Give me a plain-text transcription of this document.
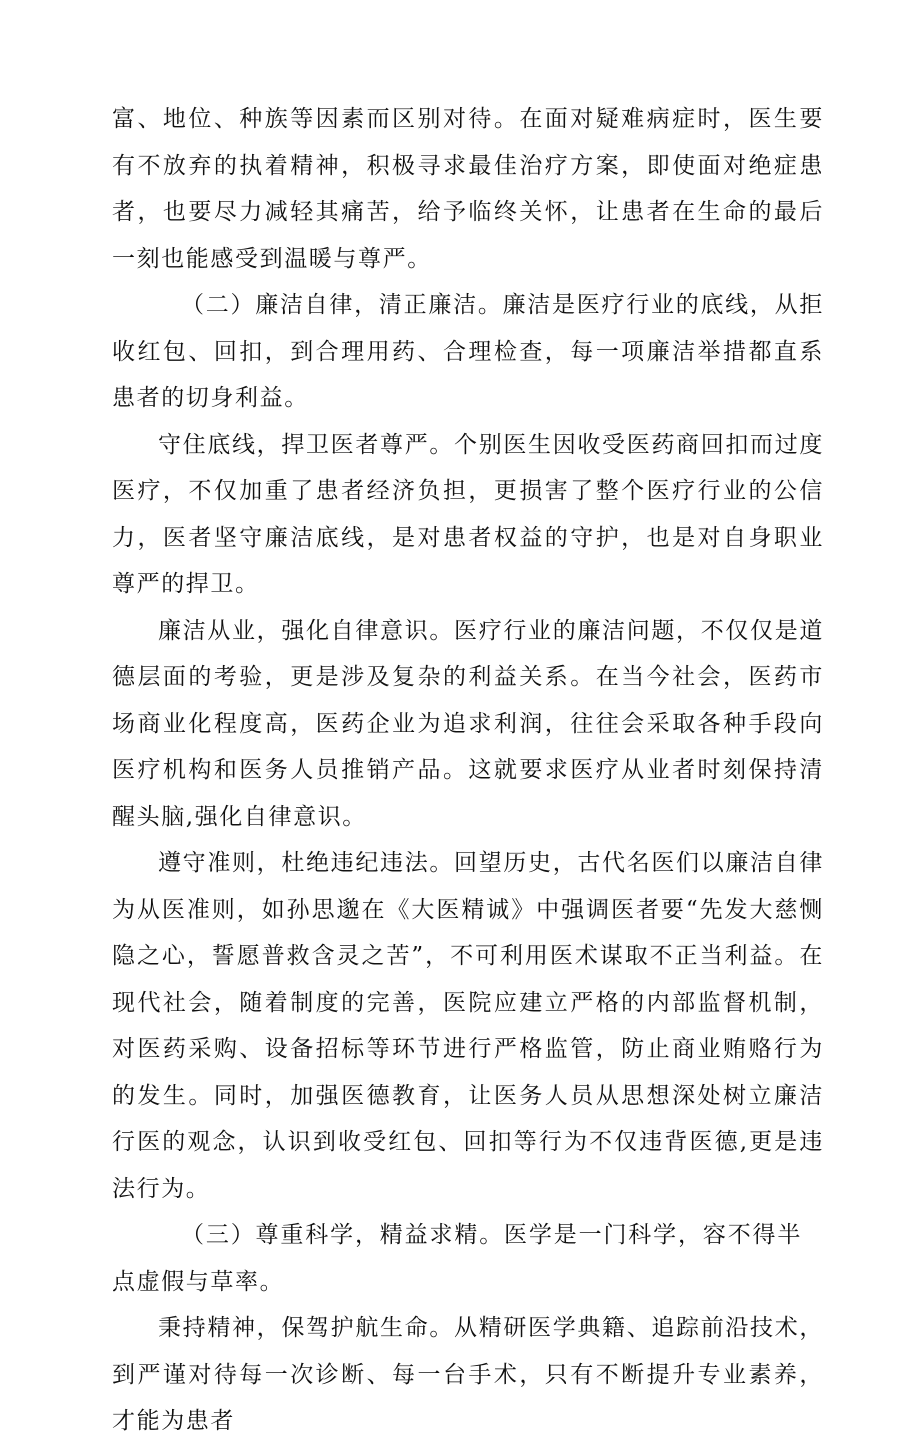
富、地位、种族等因素而区别对待。在面对疑难病症时，医生要有不放弃的执着精神，积极寻求最佳治疗方案，即使面对绝症患者，也要尽力减轻其痛苦，给予临终关怀，让患者在生命的最后一刻也能感受到温暖与尊严。

（二）廉洁自律，清正廉洁。廉洁是医疗行业的底线，从拒收红包、回扣，到合理用药、合理检查，每一项廉洁举措都直系患者的切身利益。

守住底线，捍卫医者尊严。个别医生因收受医药商回扣而过度医疗，不仅加重了患者经济负担，更损害了整个医疗行业的公信力，医者坚守廉洁底线，是对患者权益的守护，也是对自身职业尊严的捍卫。

廉洁从业，强化自律意识。医疗行业的廉洁问题，不仅仅是道德层面的考验，更是涉及复杂的利益关系。在当今社会，医药市场商业化程度高，医药企业为追求利润，往往会采取各种手段向医疗机构和医务人员推销产品。这就要求医疗从业者时刻保持清醒头脑,强化自律意识。

遵守准则，杜绝违纪违法。回望历史，古代名医们以廉洁自律为从医准则，如孙思邈在《大医精诚》中强调医者要“先发大慈恻隐之心，誓愿普救含灵之苦”，不可利用医术谋取不正当利益。在现代社会，随着制度的完善，医院应建立严格的内部监督机制，对医药采购、设备招标等环节进行严格监管，防止商业贿赂行为的发生。同时，加强医德教育，让医务人员从思想深处树立廉洁行医的观念，认识到收受红包、回扣等行为不仅违背医德,更是违法行为。

（三）尊重科学，精益求精。医学是一门科学，容不得半点虚假与草率。

秉持精神，保驾护航生命。从精研医学典籍、追踪前沿技术，到严谨对待每一次诊断、每一台手术，只有不断提升专业素养，才能为患者
